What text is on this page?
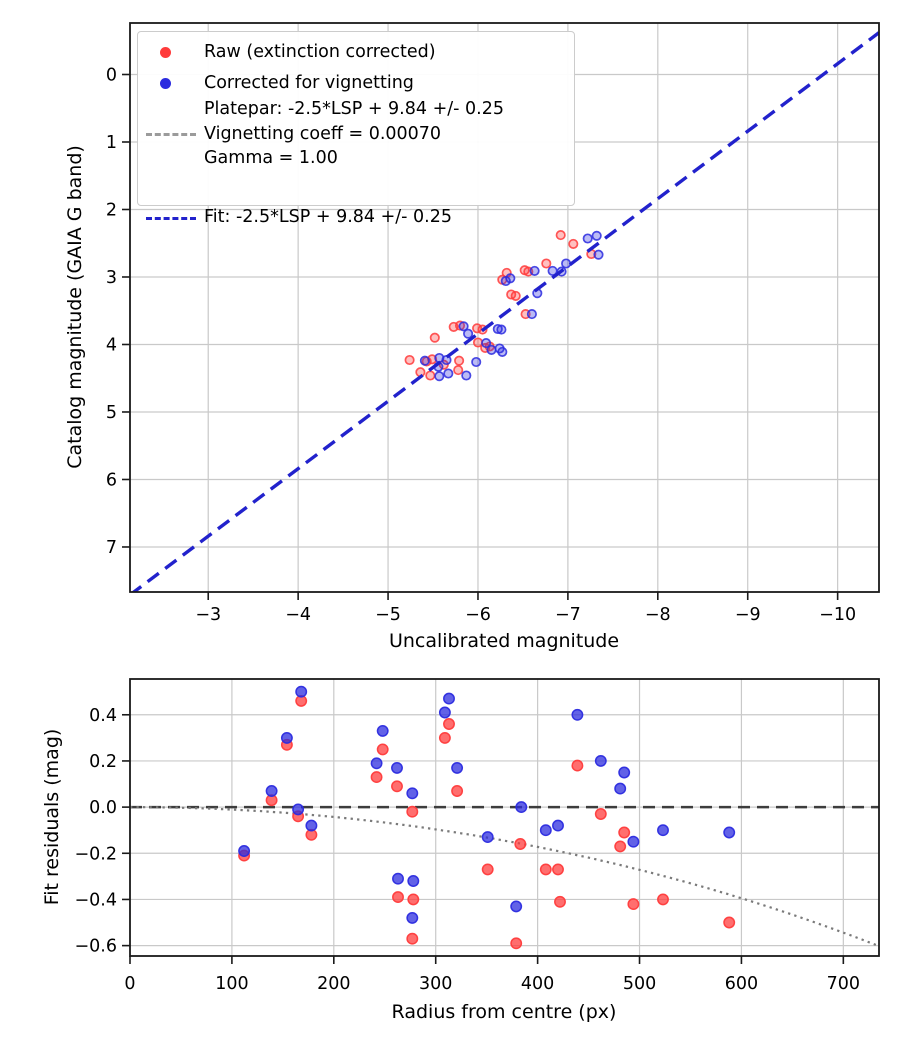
−3	−4	−5	−6	−7	−8	−9	−10
0
1
2
3
4
5
6
7
0	100	200	300	400	500	600	700
0.4
0.2
0.0
−0.2
−0.4
−0.6
Uncalibrated magnitude
Catalog magnitude (GAIA G band)
Radius from centre (px)
Fit residuals (mag)
Raw (extinction corrected)
Corrected for vignetting
Platepar: -2.5*LSP + 9.84 +/- 0.25
Vignetting coeff = 0.00070
Gamma = 1.00
Fit: -2.5*LSP + 9.84 +/- 0.25
